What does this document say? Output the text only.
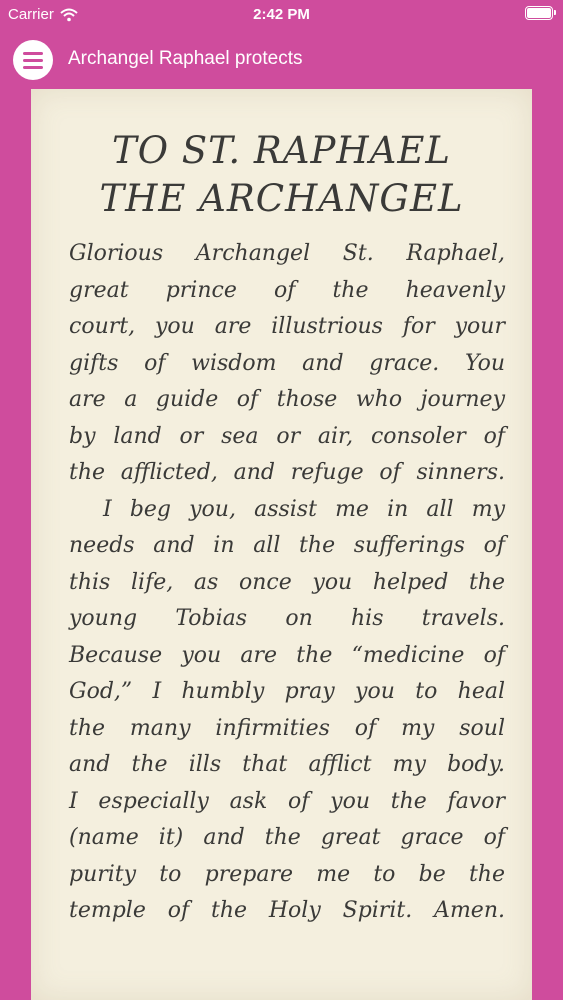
Carrier	2:42 PM
Archangel Raphael protects
TO ST. RAPHAEL
THE ARCHANGEL
Glorious Archangel St. Raphael,
great prince of the heavenly
court, you are illustrious for your
gifts of wisdom and grace. You
are a guide of those who journey
by land or sea or air, consoler of
the afflicted, and refuge of sinners.
I beg you, assist me in all my
needs and in all the sufferings of
this life, as once you helped the
young Tobias on his travels.
Because you are the “medicine of
God,” I humbly pray you to heal
the many infirmities of my soul
and the ills that afflict my body.
I especially ask of you the favor
(name it) and the great grace of
purity to prepare me to be the
temple of the Holy Spirit. Amen.
